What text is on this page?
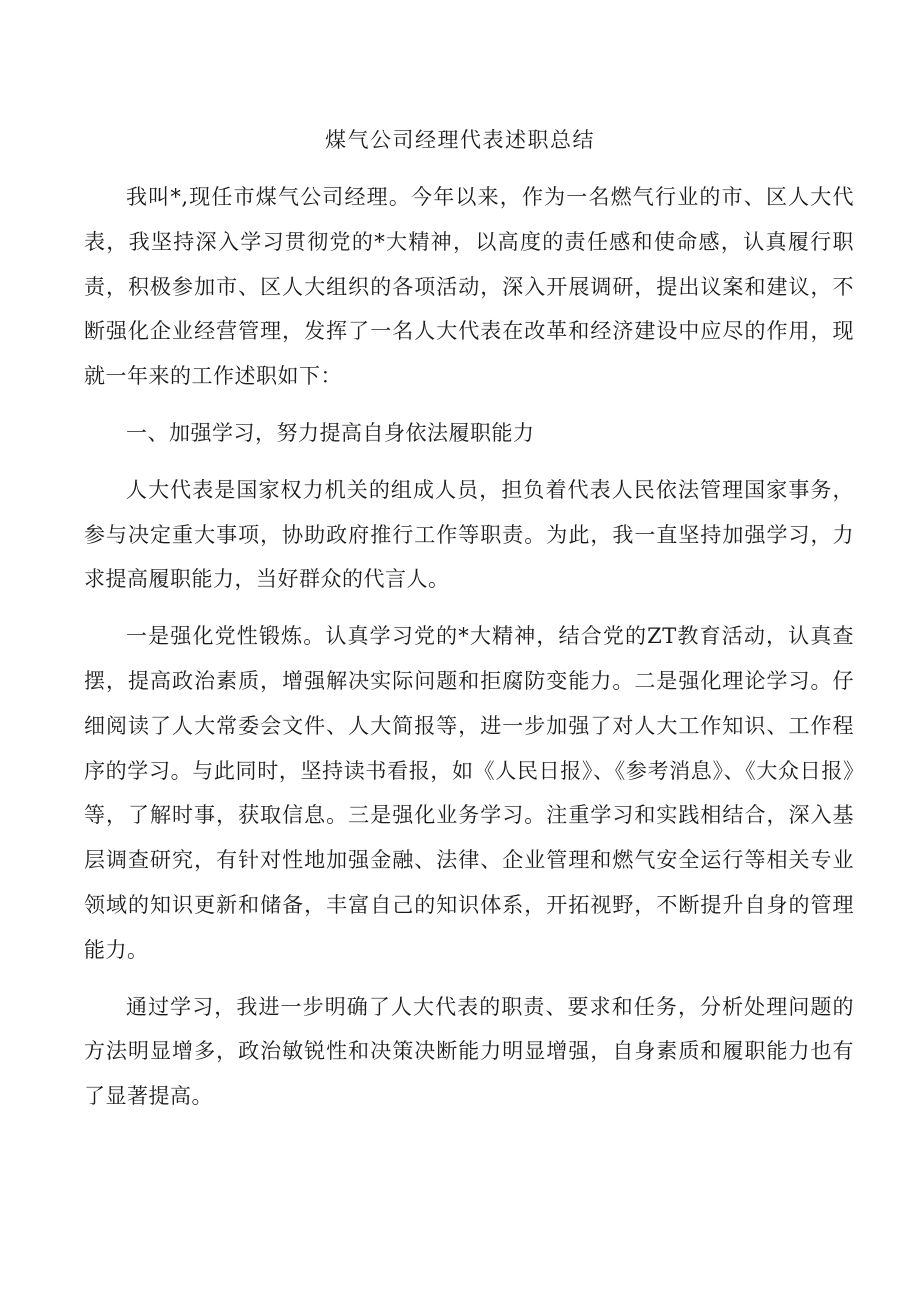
煤气公司经理代表述职总结

我叫*,现任市煤气公司经理。今年以来，作为一名燃气行业的市、区人大代表，我坚持深入学习贯彻党的*大精神，以高度的责任感和使命感，认真履行职责，积极参加市、区人大组织的各项活动，深入开展调研，提出议案和建议，不断强化企业经营管理，发挥了一名人大代表在改革和经济建设中应尽的作用，现就一年来的工作述职如下：

一、加强学习，努力提高自身依法履职能力

人大代表是国家权力机关的组成人员，担负着代表人民依法管理国家事务，参与决定重大事项，协助政府推行工作等职责。为此，我一直坚持加强学习，力求提高履职能力，当好群众的代言人。

一是强化党性锻炼。认真学习党的*大精神，结合党的ZT教育活动，认真查摆，提高政治素质，增强解决实际问题和拒腐防变能力。二是强化理论学习。仔细阅读了人大常委会文件、人大简报等，进一步加强了对人大工作知识、工作程序的学习。与此同时，坚持读书看报，如《人民日报》、《参考消息》、《大众日报》等，了解时事，获取信息。三是强化业务学习。注重学习和实践相结合，深入基层调查研究，有针对性地加强金融、法律、企业管理和燃气安全运行等相关专业领域的知识更新和储备，丰富自己的知识体系，开拓视野，不断提升自身的管理能力。

通过学习，我进一步明确了人大代表的职责、要求和任务，分析处理问题的方法明显增多，政治敏锐性和决策决断能力明显增强，自身素质和履职能力也有了显著提高。
